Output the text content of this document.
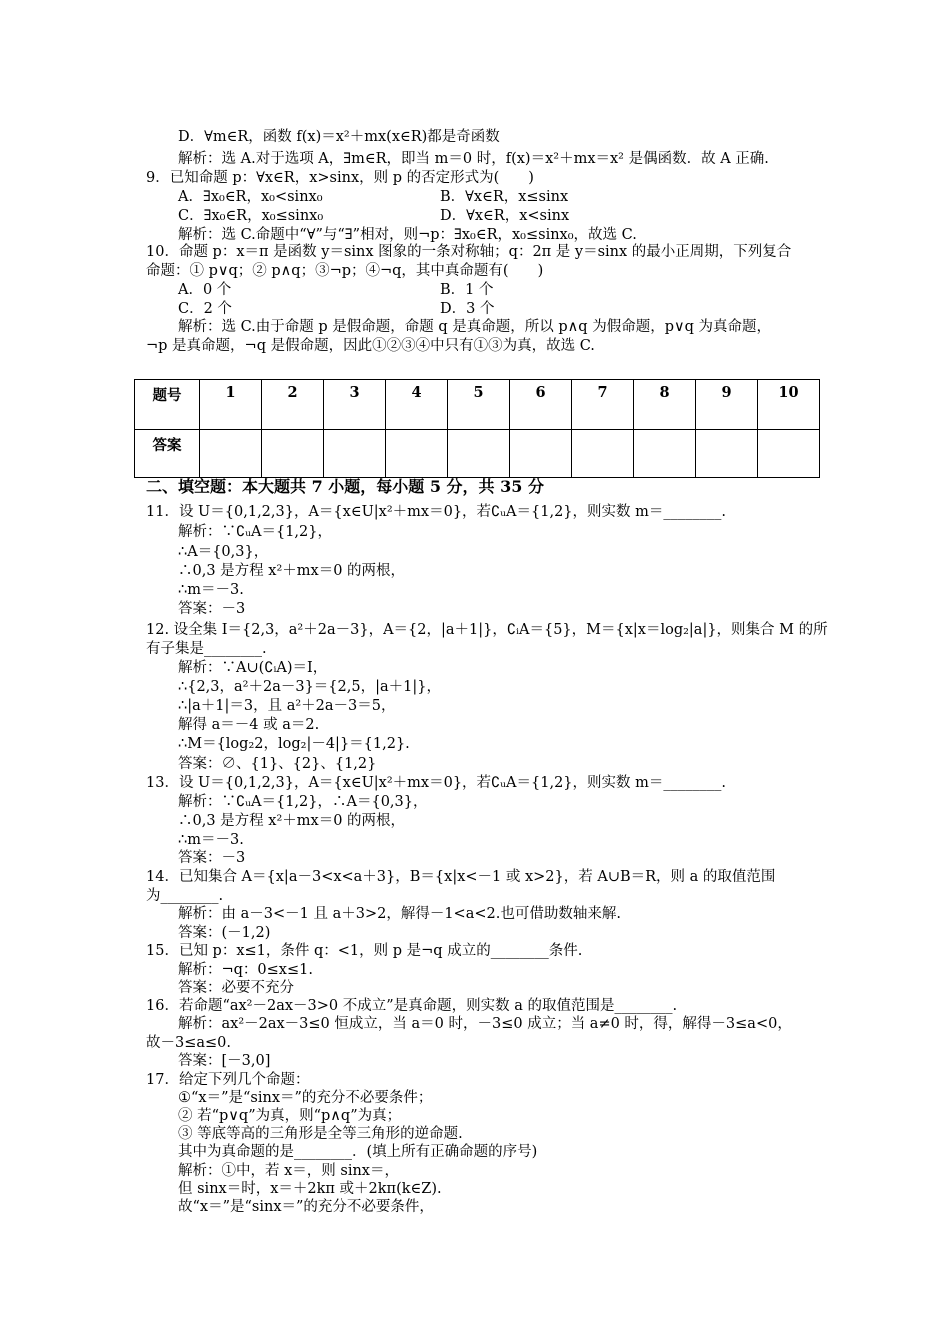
D．∀m∈R，函数 f(x)＝x²＋mx(x∈R)都是奇函数
解析：选 A.对于选项 A，∃m∈R，即当 m＝0 时，f(x)＝x²＋mx＝x² 是偶函数．故 A 正确.
9．已知命题 p：∀x∈R，x>sinx，则 p 的否定形式为(　　)
A．∃x₀∈R，x₀<sinx₀	B．∀x∈R，x≤sinx
C．∃x₀∈R，x₀≤sinx₀	D．∀x∈R，x<sinx
解析：选 C.命题中“∀”与“∃”相对，则¬p：∃x₀∈R，x₀≤sinx₀，故选 C.
10．命题 p：x＝π 是函数 y＝sinx 图象的一条对称轴；q：2π 是 y＝sinx 的最小正周期，下列复合
命题：① p∨q；② p∧q；③¬p；④¬q，其中真命题有(　　)
A．0 个	B．1 个
C．2 个	D．3 个
解析：选 C.由于命题 p 是假命题，命题 q 是真命题，所以 p∧q 为假命题，p∨q 为真命题，
¬p 是真命题，¬q 是假命题，因此①②③④中只有①③为真，故选 C.
题号	1	2	3	4	5	6	7	8	9	10
答案										
二、填空题：本大题共 7 小题，每小题 5 分，共 35 分
11．设 U＝{0,1,2,3}，A＝{x∈U|x²＋mx＝0}，若∁ᵤA＝{1,2}，则实数 m＝________.
解析：∵∁ᵤA＝{1,2}，
∴A＝{0,3}，
∴0,3 是方程 x²＋mx＝0 的两根，
∴m＝－3.
答案：－3
12. 设全集 I＝{2,3，a²＋2a－3}，A＝{2，|a＋1|}，∁ᵢA＝{5}，M＝{x|x＝log₂|a|}，则集合 M 的所
有子集是________.
解析：∵A∪(∁ᵢA)＝I，
∴{2,3，a²＋2a－3}＝{2,5，|a＋1|}，
∴|a＋1|＝3，且 a²＋2a－3＝5，
解得 a＝－4 或 a＝2.
∴M＝{log₂2，log₂|－4|}＝{1,2}.
答案：∅、{1}、{2}、{1,2}
13．设 U＝{0,1,2,3}，A＝{x∈U|x²＋mx＝0}，若∁ᵤA＝{1,2}，则实数 m＝________.
解析：∵∁ᵤA＝{1,2}，∴A＝{0,3}，
∴0,3 是方程 x²＋mx＝0 的两根，
∴m＝－3.
答案：－3
14．已知集合 A＝{x|a－3<x<a＋3}，B＝{x|x<－1 或 x>2}，若 A∪B＝R，则 a 的取值范围
为________.
解析：由 a－3<－1 且 a＋3>2，解得－1<a<2.也可借助数轴来解.
答案：(－1,2)
15．已知 p：x≤1，条件 q：<1，则 p 是¬q 成立的________条件.
解析：¬q：0≤x≤1.
答案：必要不充分
16．若命题“ax²－2ax－3>0 不成立”是真命题，则实数 a 的取值范围是________.
解析：ax²－2ax－3≤0 恒成立，当 a＝0 时，－3≤0 成立；当 a≠0 时，得，解得－3≤a<0，
故－3≤a≤0.
答案：[－3,0]
17．给定下列几个命题：
①“x＝”是“sinx＝”的充分不必要条件；
② 若“p∨q”为真，则“p∧q”为真；
③ 等底等高的三角形是全等三角形的逆命题.
其中为真命题的是________．(填上所有正确命题的序号)
解析：①中，若 x＝，则 sinx＝，
但 sinx＝时，x＝＋2kπ 或＋2kπ(k∈Z).
故“x＝”是“sinx＝”的充分不必要条件，
